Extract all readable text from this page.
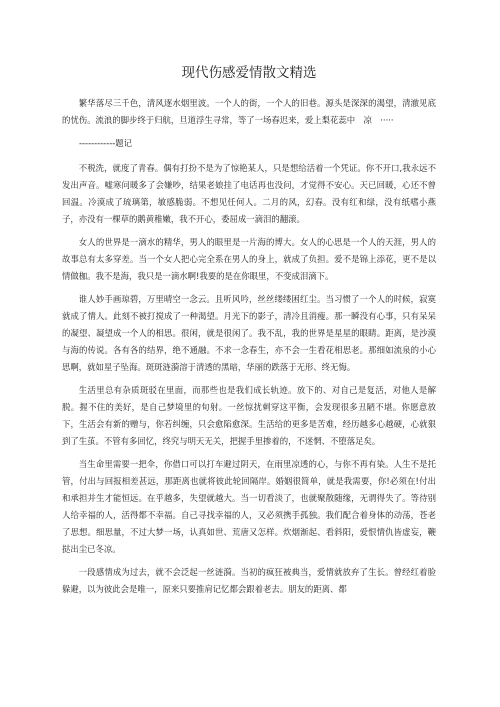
现代伤感爱情散文精选

繁华落尽三千色，清风逐水烟里波。一个人的街，一个人的旧巷。源头是深深的渴望，清澈见底的忧伤。流浪的脚步终于归航，旦道浮生寻常，等了一场春迟来，爱上梨花蕊中　凉　·····

------------题记

不税洗，就度了青春。偶有打扮不是为了惊艳某人，只是想给活着一个凭证。你不开口,我永远不发出声音。嘘寒问暖多了会嫌吵，结果老娘挂了电话再也没问，才觉得不安心。天已回暖，心还不曾回温。冷漠成了琉璃第，敏感脆弱。不想见任何人。二月的风，幻春。没有红和绿，没有纸嗜小燕子，亦没有一棵草的鹅黄稚嫩，我不开心，委屈成一滴泪的翻滚。

女人的世界是一滴水的精华，男人的眼里是一片海的博大。女人的心思是一个人的天涯，男人的故事总有太多穿差。当一个女人把心完全系在男人的身上，就成了负担。爱不是锦上添花，更不是以情做枷。我不是海，我只是一滴水啊!我要的是在你眼里，不变成泪滴下。

谁人妙手画琼碧，万里晴空一念云。且听风吟，丝丝缕缕困红尘。当习惯了一个人的时候，寂寞就成了情人。此刻不被打搅成了一种渴望。月光下的影子，清冷且消瘦。那一瞬没有心事，只有呆呆的凝望、凝望成一个人的相思。很闲，就是很闲了。我不乱，我的世界是星星的眼睛。距离，是沙漠与海的传说。各有各的结界，绝不通融。不求一念春生，亦不会一生看花相思老。那细如流泉的小心思啊，就如星子坠海。斑斑涟漪溶于清透的黑暗，华丽的跌落于无形、终无悔。

生活里总有杂质斑驳在里面，而那些也是我们成长轨迹。放下的、对自己是复活，对他人是解脱。握不住的美好，是自己梦境里的旬射。一丝惊扰刺穿这平衡，会发现很多丑陋不堪。你愿意放下，生活会有新的赠与，你若纠缠，只会愈陷愈深。生活给的更多是苦难，经历越多心越硬，心就狠到了生茧。不管有多回忆，终究与明天无关，把握手里掺着的，不迷惘、不堕落足矣。

当生命里需要一把伞，你借口可以打车避过阴天，在雨里凉透的心，与你不再有染。人生不是托管，付出与回报相差甚远，那距离也就将彼此轮回隔岸。婚姻很简单，就是我需要，你!必须在!付出和承担并生才能恒远。在乎越多，失望就越大。当一切看淡了，也就聚散随缘，无谓得失了。等待别人给幸福的人，活得都不幸福。自己寻找幸福的人，又必须携手孤独。我们配合着身体的动荡，苍老了思想。细思量，不过大梦一场，认真如世、荒唐又怎样。炊烟渐起、看斜阳，爱恨情仇皆虚妄，鞭挞出尘已冬凉。

一段感情成为过去，就不会泛起一丝涟漪。当初的疯狂被典当，爱情就放弃了生长。曾经红着脸躲避，以为彼此会是唯一，原来只要推肩记忆都会跟着老去。朋友的距离、都
